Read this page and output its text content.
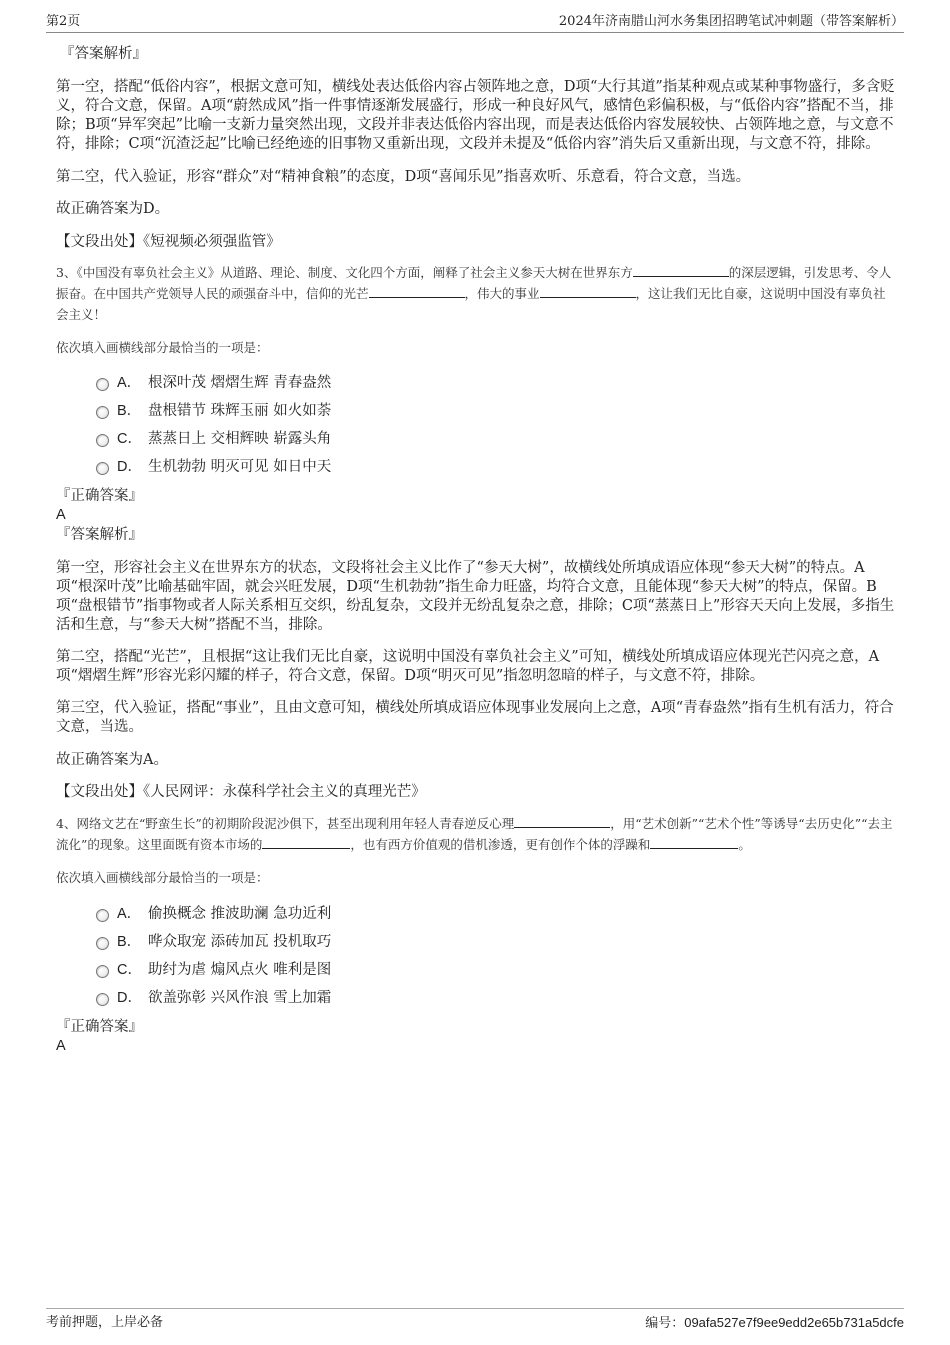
第2页	2024年济南腊山河水务集团招聘笔试冲刺题（带答案解析）
『答案解析』

第一空，搭配“低俗内容”，根据文意可知，横线处表达低俗内容占领阵地之意，D项“大行其道”指某种观点或某种事物盛行，多含贬义，符合文意，保留。A项“蔚然成风”指一件事情逐渐发展盛行，形成一种良好风气，感情色彩偏积极，与“低俗内容”搭配不当，排除；B项“异军突起”比喻一支新力量突然出现，文段并非表达低俗内容出现，而是表达低俗内容发展较快、占领阵地之意，与文意不符，排除；C项“沉渣泛起”比喻已经绝迹的旧事物又重新出现，文段并未提及“低俗内容”消失后又重新出现，与文意不符，排除。

第二空，代入验证，形容“群众”对“精神食粮”的态度，D项“喜闻乐见”指喜欢听、乐意看，符合文意，当选。

故正确答案为D。

【文段出处】《短视频必须强监管》

3、《中国没有辜负社会主义》从道路、理论、制度、文化四个方面，阐释了社会主义参天大树在世界东方	的深层逻辑，引发思考、令人振奋。在中国共产党领导人民的顽强奋斗中，信仰的光芒	，伟大的事业	，这让我们无比自豪，这说明中国没有辜负社会主义！

依次填入画横线部分最恰当的一项是：
A． 根深叶茂 熠熠生辉 青春盎然
B． 盘根错节 珠辉玉丽 如火如荼
C． 蒸蒸日上 交相辉映 崭露头角
D． 生机勃勃 明灭可见 如日中天
『正确答案』
A
『答案解析』

第一空，形容社会主义在世界东方的状态，文段将社会主义比作了“参天大树”，故横线处所填成语应体现“参天大树”的特点。A项“根深叶茂”比喻基础牢固，就会兴旺发展，D项“生机勃勃”指生命力旺盛，均符合文意，且能体现“参天大树”的特点，保留。B项“盘根错节”指事物或者人际关系相互交织，纷乱复杂，文段并无纷乱复杂之意，排除；C项“蒸蒸日上”形容天天向上发展，多指生活和生意，与“参天大树”搭配不当，排除。

第二空，搭配“光芒”，且根据“这让我们无比自豪，这说明中国没有辜负社会主义”可知，横线处所填成语应体现光芒闪亮之意，A项“熠熠生辉”形容光彩闪耀的样子，符合文意，保留。D项“明灭可见”指忽明忽暗的样子，与文意不符，排除。

第三空，代入验证，搭配“事业”，且由文意可知，横线处所填成语应体现事业发展向上之意，A项“青春盎然”指有生机有活力，符合文意，当选。

故正确答案为A。

【文段出处】《人民网评：永葆科学社会主义的真理光芒》

4、网络文艺在“野蛮生长”的初期阶段泥沙俱下，甚至出现利用年轻人青春逆反心理	，用“艺术创新”“艺术个性”等诱导“去历史化”“去主流化”的现象。这里面既有资本市场的	，也有西方价值观的借机渗透，更有创作个体的浮躁和	。

依次填入画横线部分最恰当的一项是：
A． 偷换概念 推波助澜 急功近利
B． 哗众取宠 添砖加瓦 投机取巧
C． 助纣为虐 煽风点火 唯利是图
D． 欲盖弥彰 兴风作浪 雪上加霜
『正确答案』
A
考前押题，上岸必备	编号：09afa527e7f9ee9edd2e65b731a5dcfe
